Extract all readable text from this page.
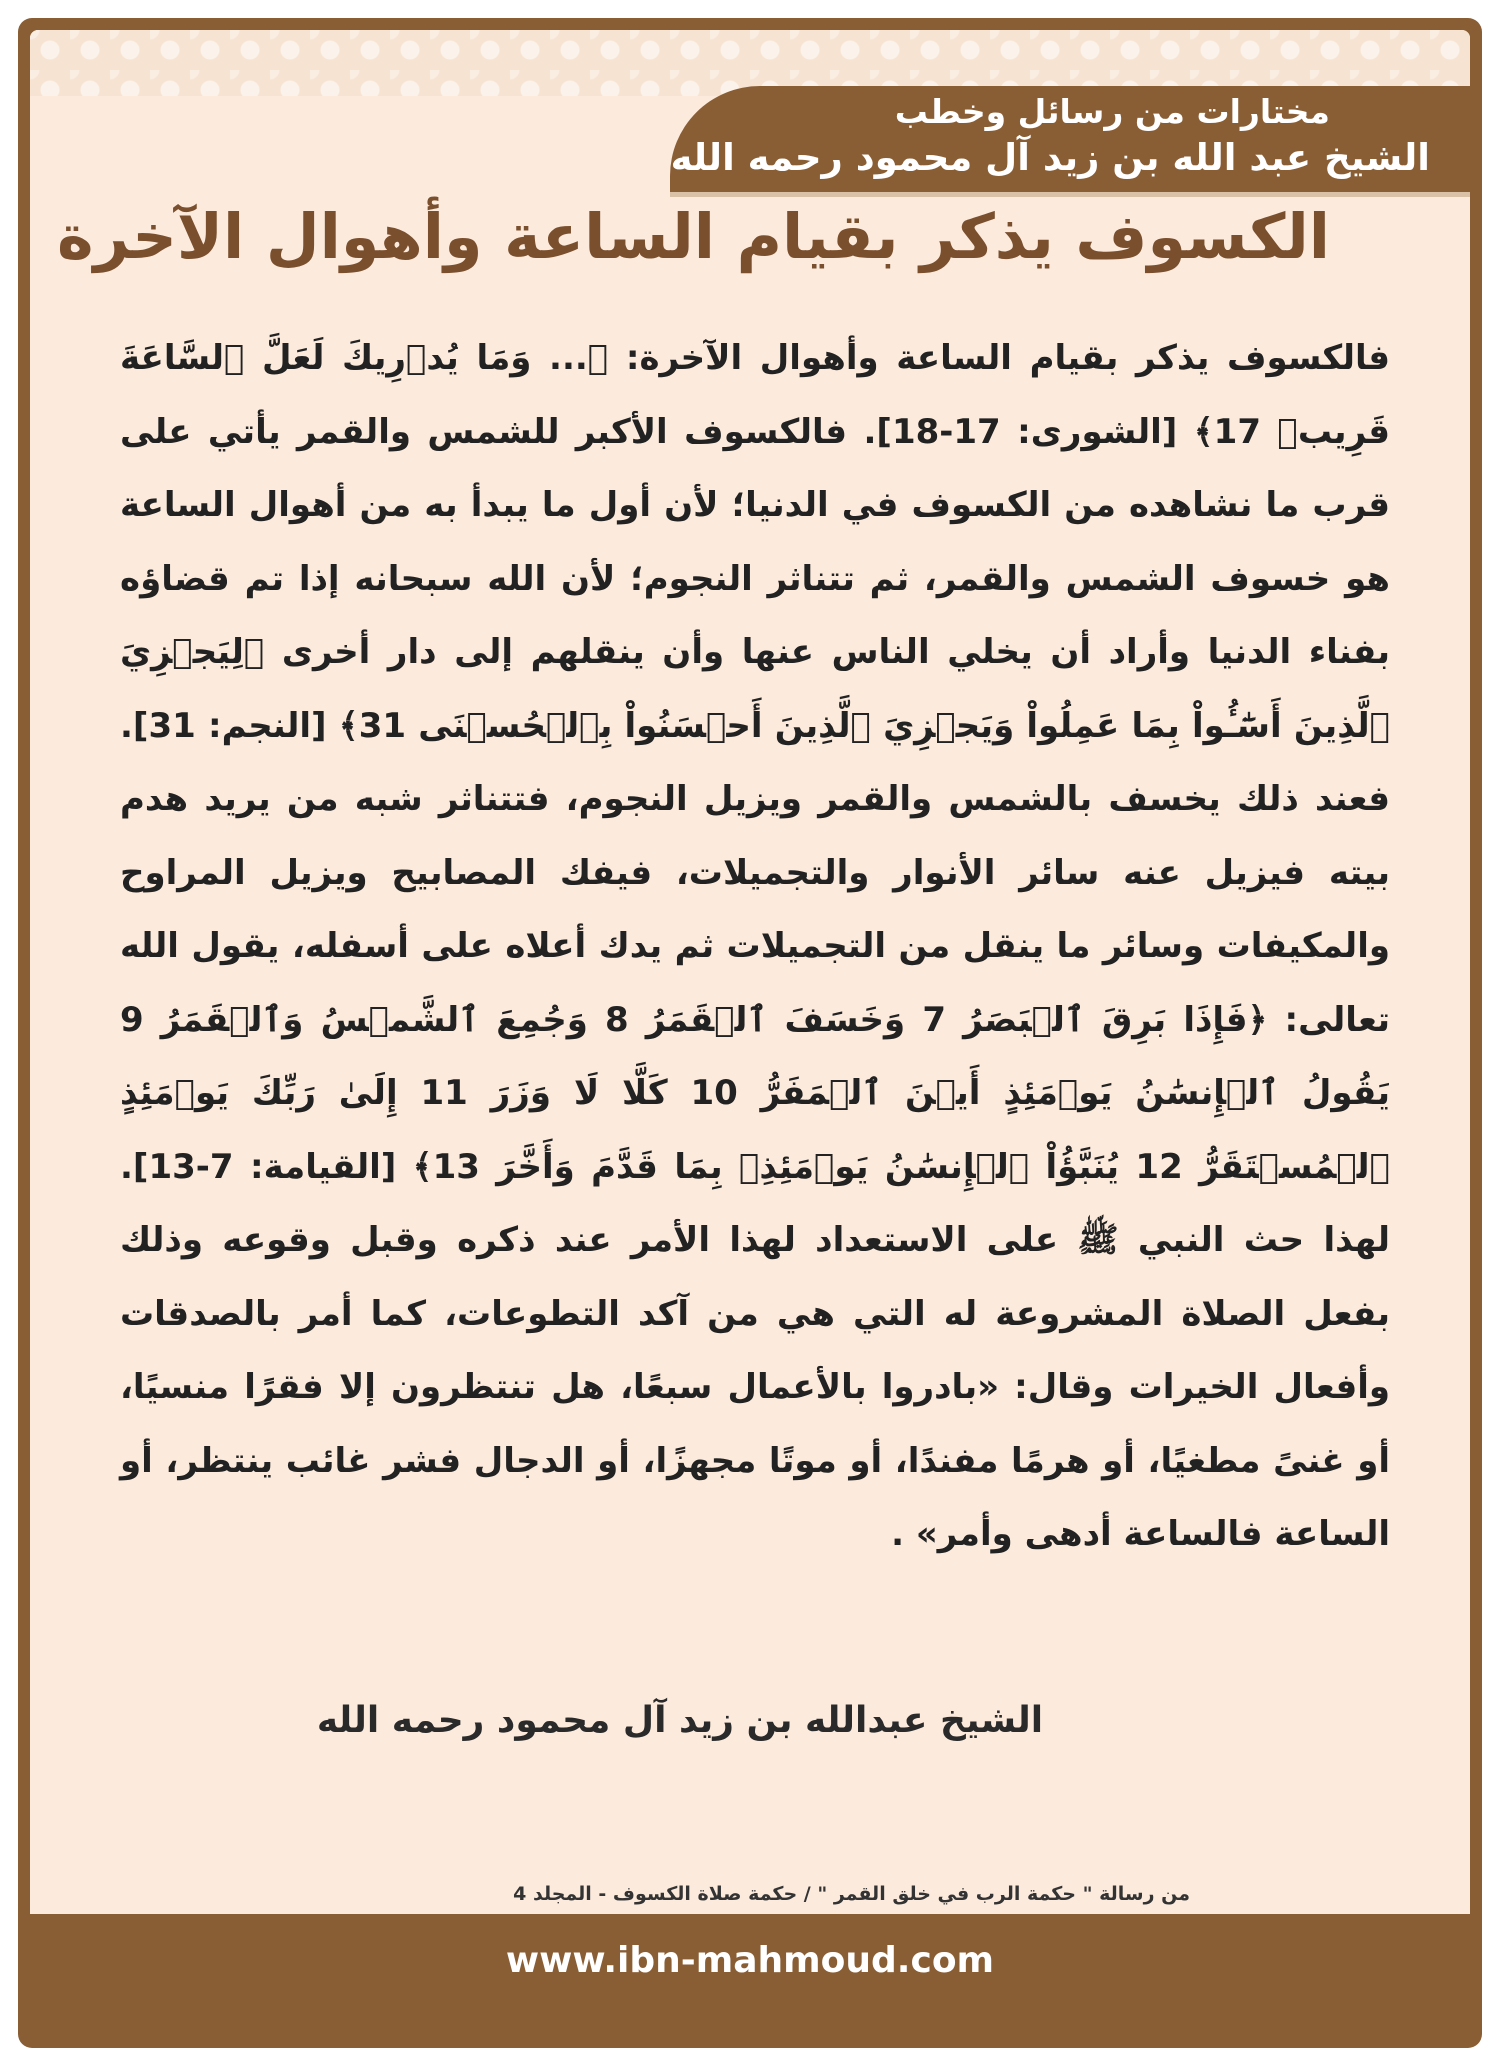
مختارات من رسائل وخطب
الشيخ عبد الله بن زيد آل محمود رحمه الله
الكسوف يذكر بقيام الساعة وأهوال الآخرة
فالكسوف يذكر بقيام الساعة وأهوال الآخرة: ﴿... وَمَا يُدۡرِيكَ لَعَلَّ ٱلسَّاعَةَ قَرِيبٞ 17﴾ [الشورى: 17-18]. فالكسوف الأكبر للشمس والقمر يأتي على قرب ما نشاهده من الكسوف في الدنيا؛ لأن أول ما يبدأ به من أهوال الساعة هو خسوف الشمس والقمر، ثم تتناثر النجوم؛ لأن الله سبحانه إذا تم قضاؤه بفناء الدنيا وأراد أن يخلي الناس عنها وأن ينقلهم إلى دار أخرى ﴿لِيَجۡزِيَ ٱلَّذِينَ أَسَٰٓـُٔواْ بِمَا عَمِلُواْ وَيَجۡزِيَ ٱلَّذِينَ أَحۡسَنُواْ بِٱلۡحُسۡنَى 31﴾ [النجم: 31]. فعند ذلك يخسف بالشمس والقمر ويزيل النجوم، فتتناثر شبه من يريد هدم بيته فيزيل عنه سائر الأنوار والتجميلات، فيفك المصابيح ويزيل المراوح والمكيفات وسائر ما ينقل من التجميلات ثم يدك أعلاه على أسفله، يقول الله تعالى: ﴿فَإِذَا بَرِقَ ٱلۡبَصَرُ 7 وَخَسَفَ ٱلۡقَمَرُ 8 وَجُمِعَ ٱلشَّمۡسُ وَٱلۡقَمَرُ 9 يَقُولُ ٱلۡإِنسَٰنُ يَوۡمَئِذٍ أَيۡنَ ٱلۡمَفَرُّ 10 كَلَّا لَا وَزَرَ 11 إِلَىٰ رَبِّكَ يَوۡمَئِذٍ ٱلۡمُسۡتَقَرُّ 12 يُنَبَّؤُاْ ٱلۡإِنسَٰنُ يَوۡمَئِذِۭ بِمَا قَدَّمَ وَأَخَّرَ 13﴾ [القيامة: 7-13]. لهذا حث النبي ﷺ على الاستعداد لهذا الأمر عند ذكره وقبل وقوعه وذلك بفعل الصلاة المشروعة له التي هي من آكد التطوعات، كما أمر بالصدقات وأفعال الخيرات وقال: «بادروا بالأعمال سبعًا، هل تنتظرون إلا فقرًا منسيًا، أو غنىً مطغيًا، أو هرمًا مفندًا، أو موتًا مجهزًا، أو الدجال فشر غائب ينتظر، أو الساعة فالساعة أدهى وأمر» .
الشيخ عبدالله بن زيد آل محمود رحمه الله
من رسالة " حكمة الرب في خلق القمر " / حكمة صلاة الكسوف - المجلد 4
www.ibn-mahmoud.com
